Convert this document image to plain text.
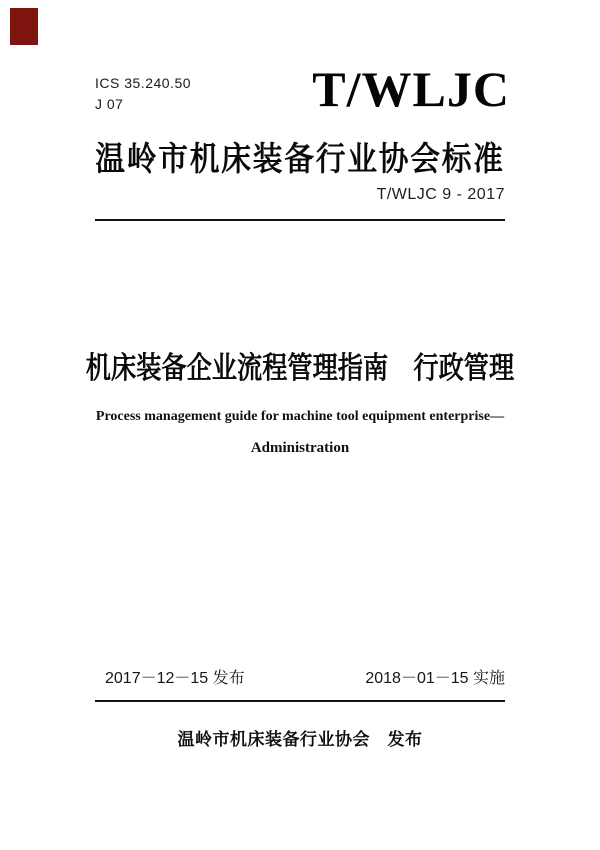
ICS 35.240.50
J 07	T/WLJC
温岭市机床装备行业协会标准
T/WLJC 9 - 2017
机床装备企业流程管理指南　行政管理
Process management guide for machine tool equipment enterprise—
Administration
2017－12－15 发布	2018－01－15 实施
温岭市机床装备行业协会　发布
